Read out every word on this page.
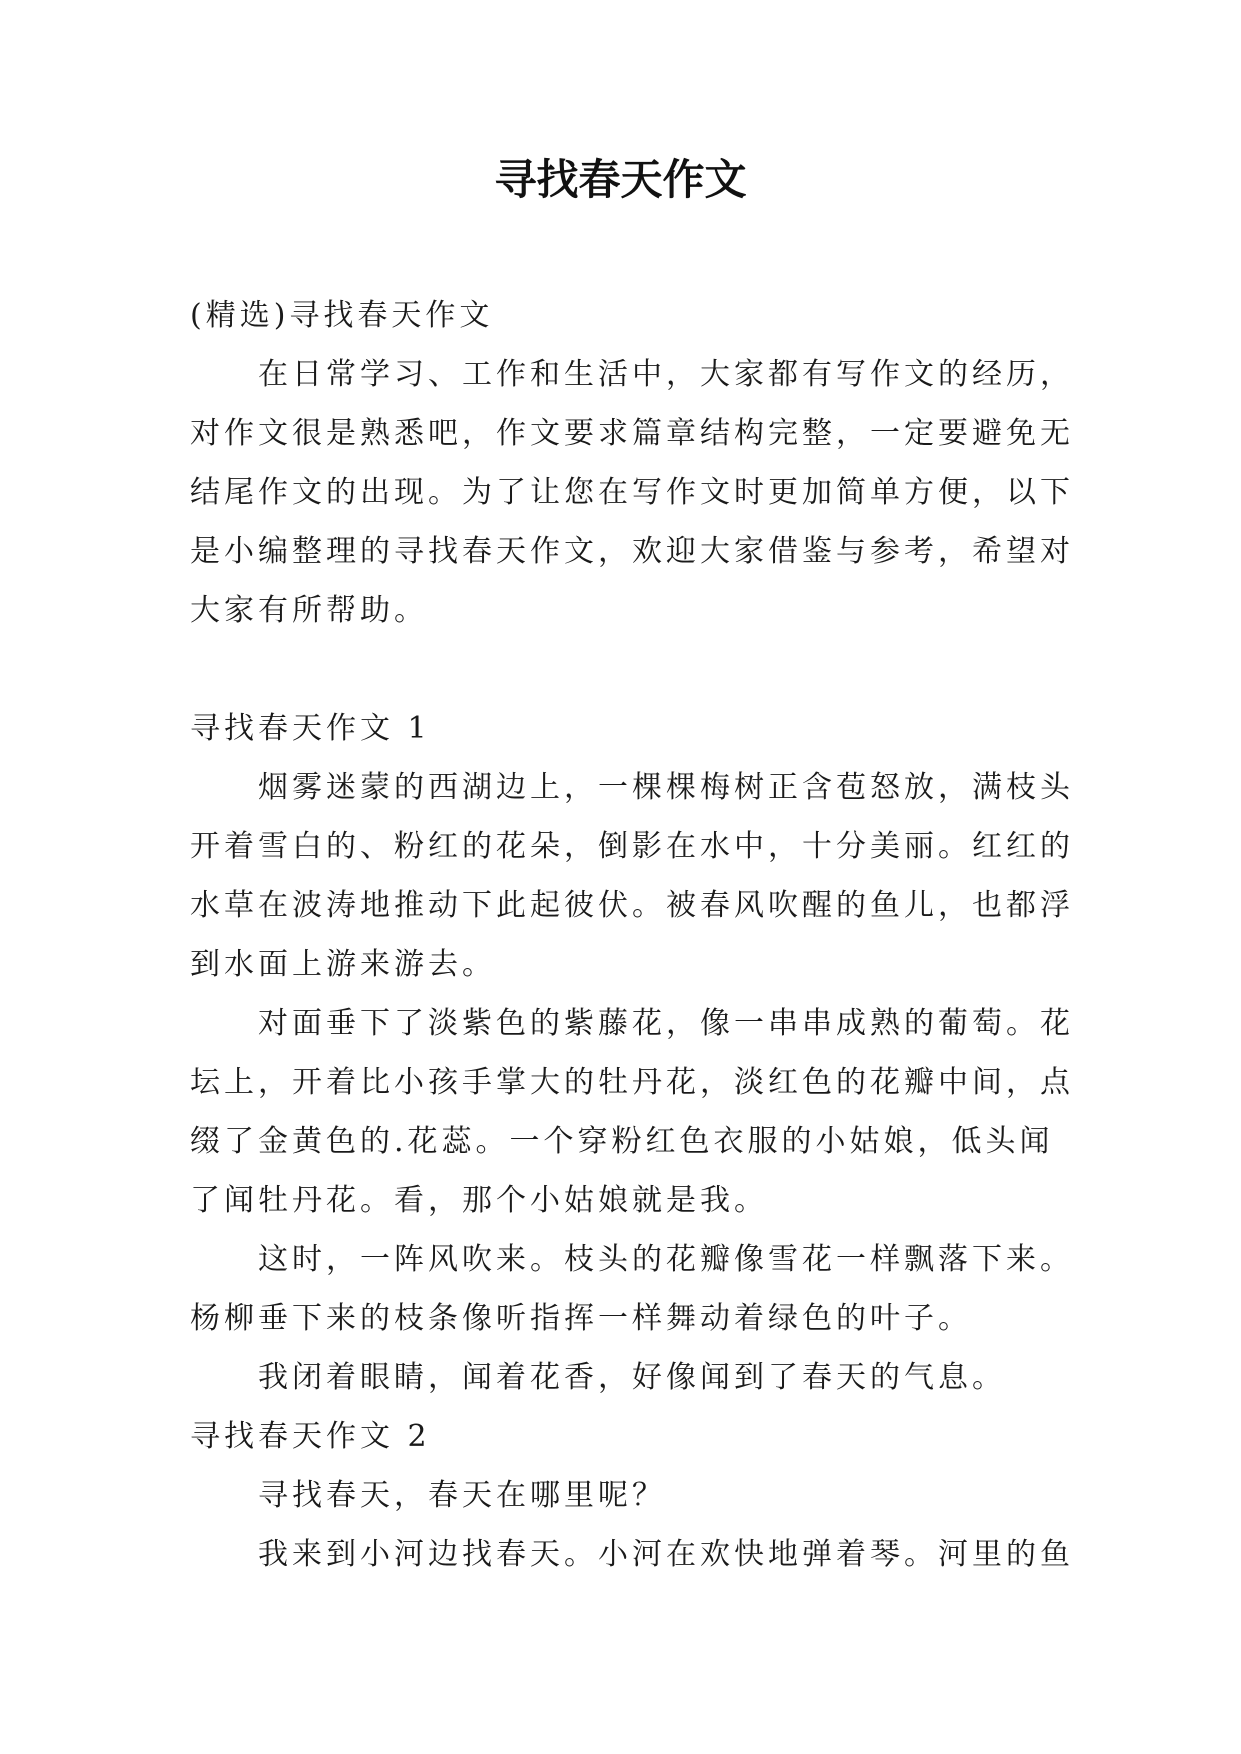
寻找春天作文
(精选)寻找春天作文
在日常学习、工作和生活中，大家都有写作文的经历，
对作文很是熟悉吧，作文要求篇章结构完整，一定要避免无
结尾作文的出现。为了让您在写作文时更加简单方便，以下
是小编整理的寻找春天作文，欢迎大家借鉴与参考，希望对
大家有所帮助。
寻找春天作文 1
烟雾迷蒙的西湖边上，一棵棵梅树正含苞怒放，满枝头
开着雪白的、粉红的花朵，倒影在水中，十分美丽。红红的
水草在波涛地推动下此起彼伏。被春风吹醒的鱼儿，也都浮
到水面上游来游去。
对面垂下了淡紫色的紫藤花，像一串串成熟的葡萄。花
坛上，开着比小孩手掌大的牡丹花，淡红色的花瓣中间，点
缀了金黄色的.花蕊。一个穿粉红色衣服的小姑娘，低头闻
了闻牡丹花。看，那个小姑娘就是我。
这时，一阵风吹来。枝头的花瓣像雪花一样飘落下来。
杨柳垂下来的枝条像听指挥一样舞动着绿色的叶子。
我闭着眼睛，闻着花香，好像闻到了春天的气息。
寻找春天作文 2
寻找春天，春天在哪里呢？
我来到小河边找春天。小河在欢快地弹着琴。河里的鱼
